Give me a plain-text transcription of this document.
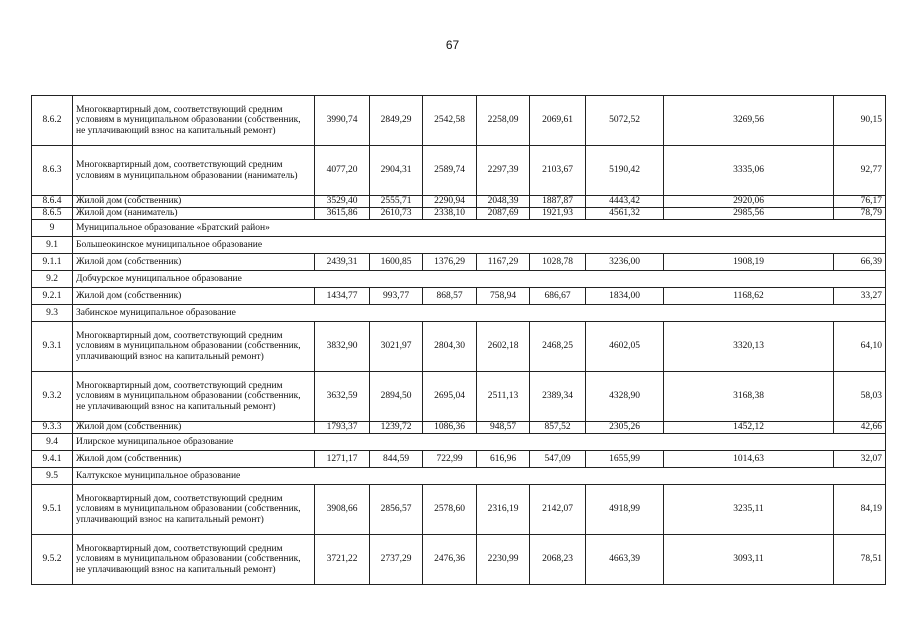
67
8.6.2	Многоквартирный дом, соответствующий средним условиям в муниципальном образовании (собственник, не уплачивающий взнос на капитальный ремонт)	3990,74	2849,29	2542,58	2258,09	2069,61	5072,52	3269,56	90,15
8.6.3	Многоквартирный дом, соответствующий средним условиям в муниципальном образовании (наниматель)	4077,20	2904,31	2589,74	2297,39	2103,67	5190,42	3335,06	92,77
8.6.4	Жилой дом (собственник)	3529,40	2555,71	2290,94	2048,39	1887,87	4443,42	2920,06	76,17
8.6.5	Жилой дом (наниматель)	3615,86	2610,73	2338,10	2087,69	1921,93	4561,32	2985,56	78,79
9	Муниципальное образование «Братский район»								
9.1	Большеокинское муниципальное образование								
9.1.1	Жилой дом (собственник)	2439,31	1600,85	1376,29	1167,29	1028,78	3236,00	1908,19	66,39
9.2	Добчурское муниципальное образование								
9.2.1	Жилой дом (собственник)	1434,77	993,77	868,57	758,94	686,67	1834,00	1168,62	33,27
9.3	Забинское муниципальное образование								
9.3.1	Многоквартирный дом, соответствующий средним условиям в муниципальном образовании (собственник, уплачивающий взнос на капитальный ремонт)	3832,90	3021,97	2804,30	2602,18	2468,25	4602,05	3320,13	64,10
9.3.2	Многоквартирный дом, соответствующий средним условиям в муниципальном образовании (собственник, не уплачивающий взнос на капитальный ремонт)	3632,59	2894,50	2695,04	2511,13	2389,34	4328,90	3168,38	58,03
9.3.3	Жилой дом (собственник)	1793,37	1239,72	1086,36	948,57	857,52	2305,26	1452,12	42,66
9.4	Илирское муниципальное образование								
9.4.1	Жилой дом (собственник)	1271,17	844,59	722,99	616,96	547,09	1655,99	1014,63	32,07
9.5	Калтукское муниципальное образование								
9.5.1	Многоквартирный дом, соответствующий средним условиям в муниципальном образовании (собственник, уплачивающий взнос на капитальный ремонт)	3908,66	2856,57	2578,60	2316,19	2142,07	4918,99	3235,11	84,19
9.5.2	Многоквартирный дом, соответствующий средним условиям в муниципальном образовании (собственник, не уплачивающий взнос на капитальный ремонт)	3721,22	2737,29	2476,36	2230,99	2068,23	4663,39	3093,11	78,51
